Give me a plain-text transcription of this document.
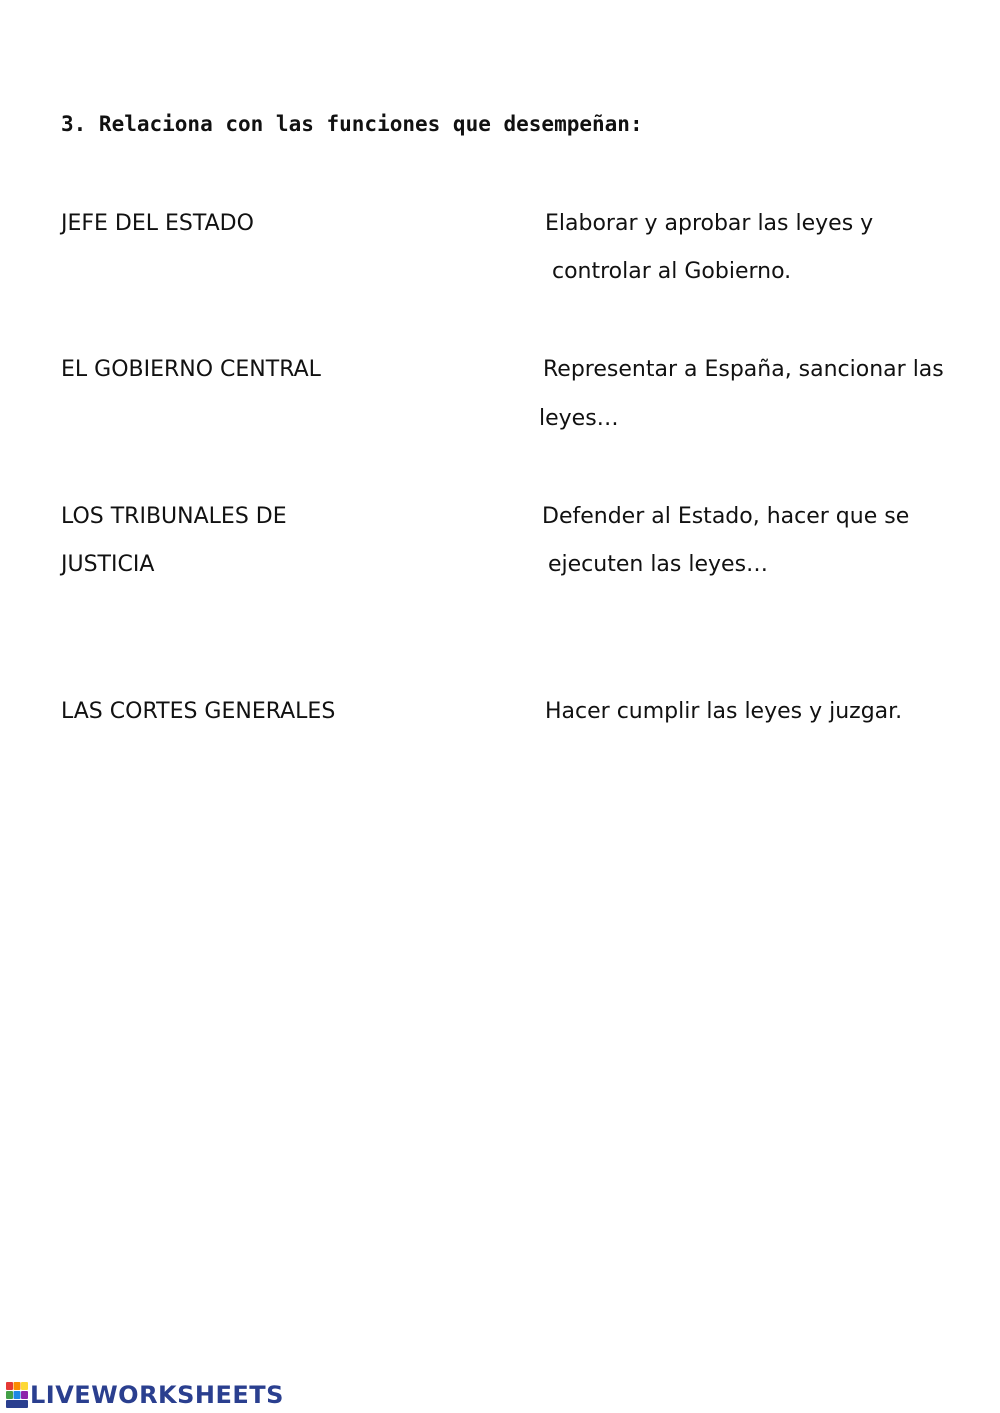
3. Relaciona con las funciones que desempeñan:
JEFE DEL ESTADO
EL GOBIERNO CENTRAL
LOS TRIBUNALES DE
JUSTICIA
LAS CORTES GENERALES
Elaborar y aprobar las leyes y
controlar al Gobierno.
Representar a España, sancionar las
leyes…
Defender al Estado, hacer que se
ejecuten las leyes…
Hacer cumplir las leyes y juzgar.
LIVEWORKSHEETS
